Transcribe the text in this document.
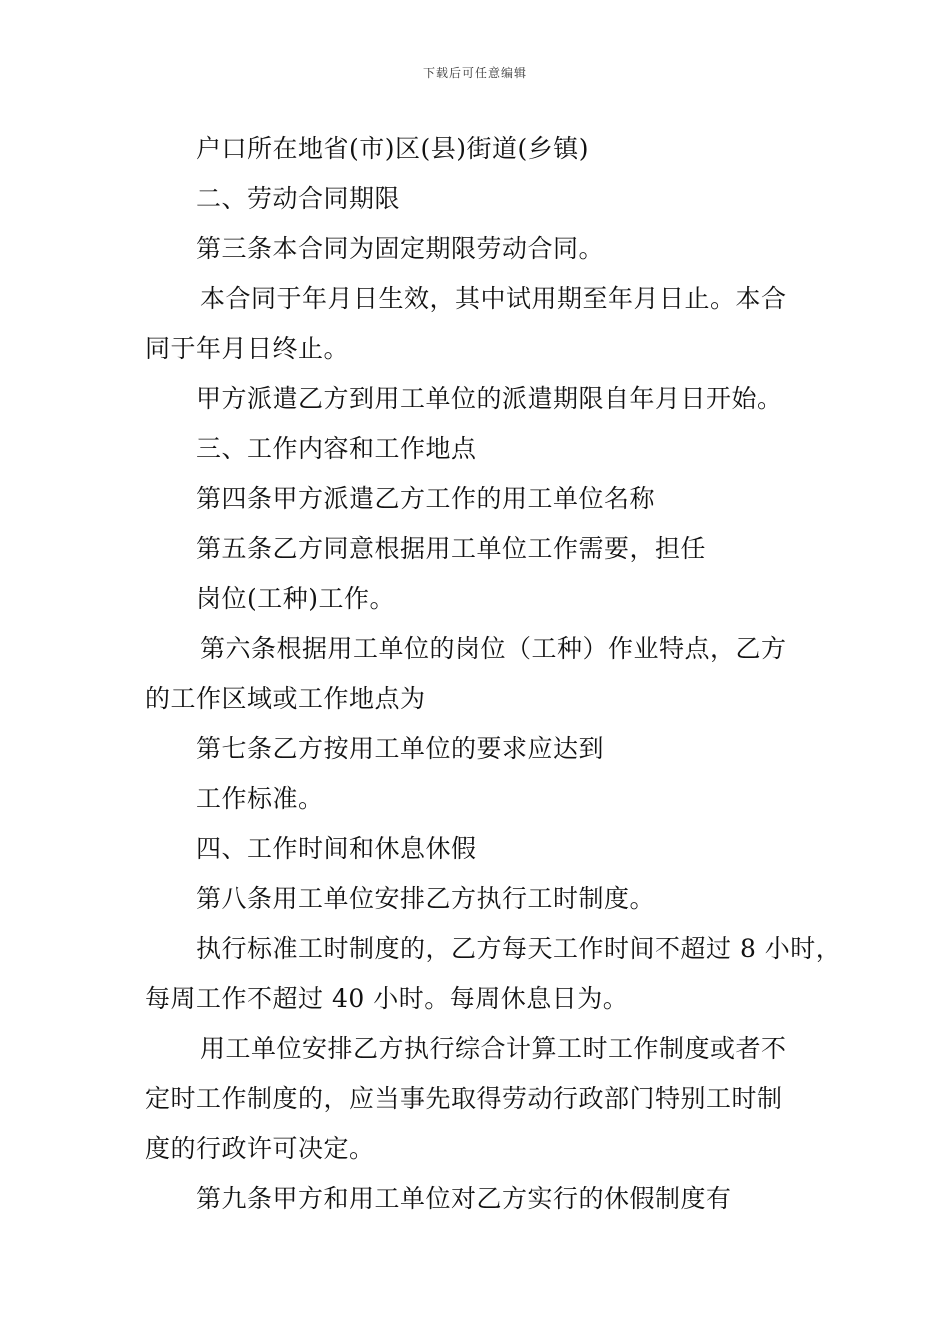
下载后可任意编辑
户口所在地省(市)区(县)街道(乡镇)
二、劳动合同期限
第三条本合同为固定期限劳动合同。
本合同于年月日生效，其中试用期至年月日止。本合
同于年月日终止。
甲方派遣乙方到用工单位的派遣期限自年月日开始。
三、工作内容和工作地点
第四条甲方派遣乙方工作的用工单位名称
第五条乙方同意根据用工单位工作需要，担任
岗位(工种)工作。
第六条根据用工单位的岗位（工种）作业特点，乙方
的工作区域或工作地点为
第七条乙方按用工单位的要求应达到
工作标准。
四、工作时间和休息休假
第八条用工单位安排乙方执行工时制度。
执行标准工时制度的，乙方每天工作时间不超过 8 小时，
每周工作不超过 40 小时。每周休息日为。
用工单位安排乙方执行综合计算工时工作制度或者不
定时工作制度的，应当事先取得劳动行政部门特别工时制
度的行政许可决定。
第九条甲方和用工单位对乙方实行的休假制度有
